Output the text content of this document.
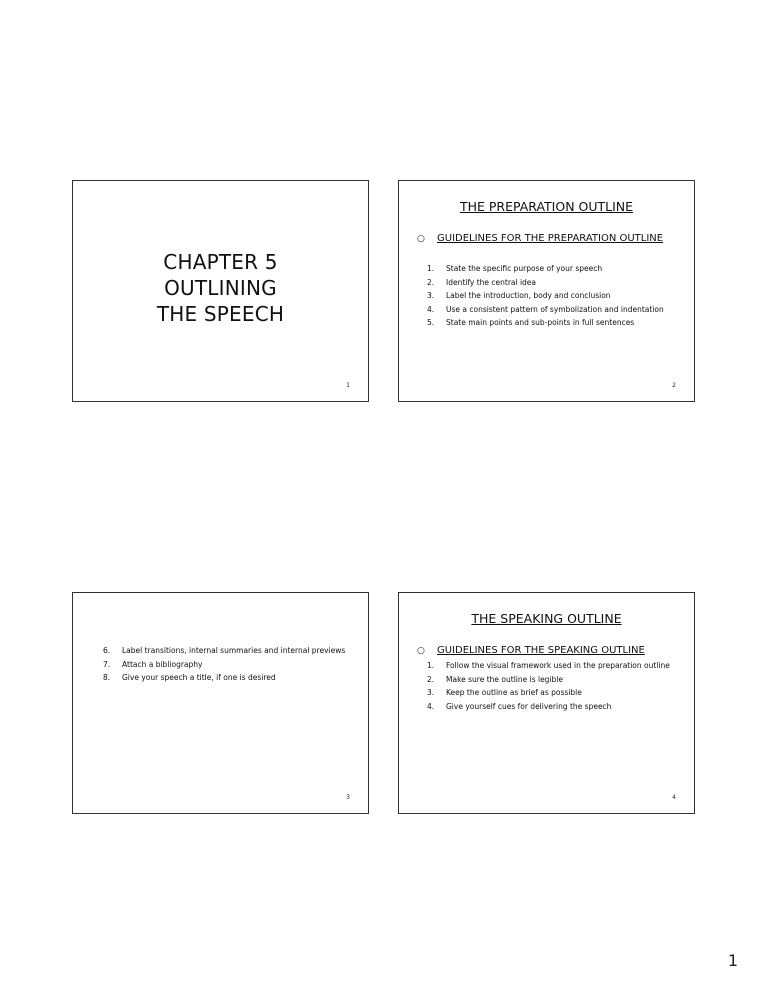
CHAPTER 5
OUTLINING
THE SPEECH
1
THE PREPARATION OUTLINE
○ GUIDELINES FOR THE PREPARATION OUTLINE
1. State the specific purpose of your speech
2. Identify the central idea
3. Label the introduction, body and conclusion
4. Use a consistent pattern of symbolization and indentation
5. State main points and sub-points in full sentences
2
6. Label transitions, internal summaries and internal previews
7. Attach a bibliography
8. Give your speech a title, if one is desired
3
THE SPEAKING OUTLINE
○ GUIDELINES FOR THE SPEAKING OUTLINE
1. Follow the visual framework used in the preparation outline
2. Make sure the outline is legible
3. Keep the outline as brief as possible
4. Give yourself cues for delivering the speech
4
1
